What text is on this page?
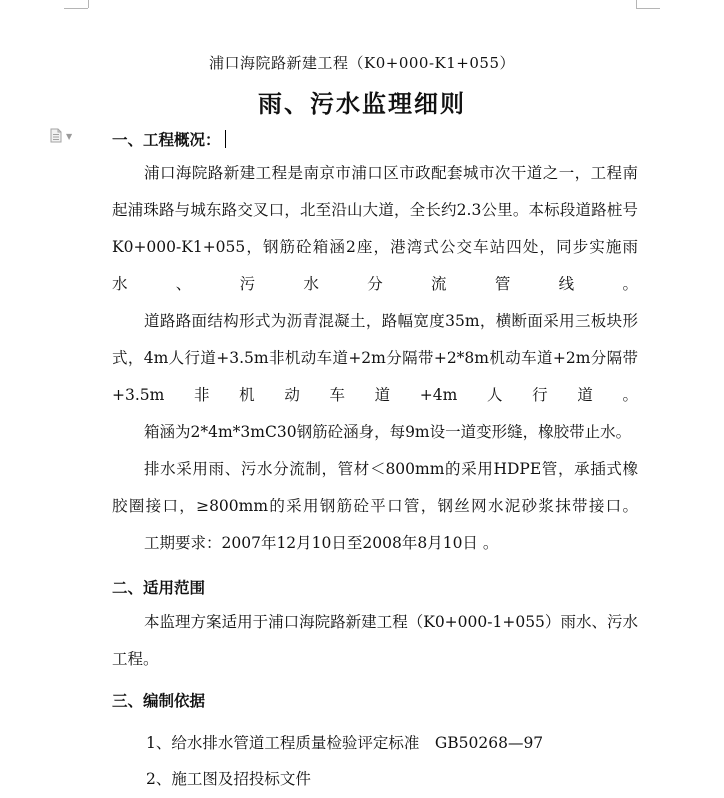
浦口海院路新建工程（K0+000-K1+055）
雨、污水监理细则
▼	一、工程概况：
浦口海院路新建工程是南京市浦口区市政配套城市次干道之一，工程南起浦珠路与城东路交叉口，北至沿山大道，全长约2.3公里。本标段道路桩号K0+000-K1+055，钢筋砼箱涵2座，港湾式公交车站四处，同步实施雨水、污水分流管线。
道路路面结构形式为沥青混凝土，路幅宽度35m，横断面采用三板块形式，4m人行道+3.5m非机动车道+2m分隔带+2*8m机动车道+2m分隔带+3.5m非机动车道+4m人行道。
箱涵为2*4m*3mC30钢筋砼涵身，每9m设一道变形缝，橡胶带止水。
排水采用雨、污水分流制，管材＜800mm的采用HDPE管，承插式橡胶圈接口，≥800mm的采用钢筋砼平口管，钢丝网水泥砂浆抹带接口。
工期要求：2007年12月10日至2008年8月10日 。
二、适用范围
本监理方案适用于浦口海院路新建工程（K0+000-1+055）雨水、污水工程。
三、编制依据
1、给水排水管道工程质量检验评定标准　GB50268—97
2、施工图及招投标文件
